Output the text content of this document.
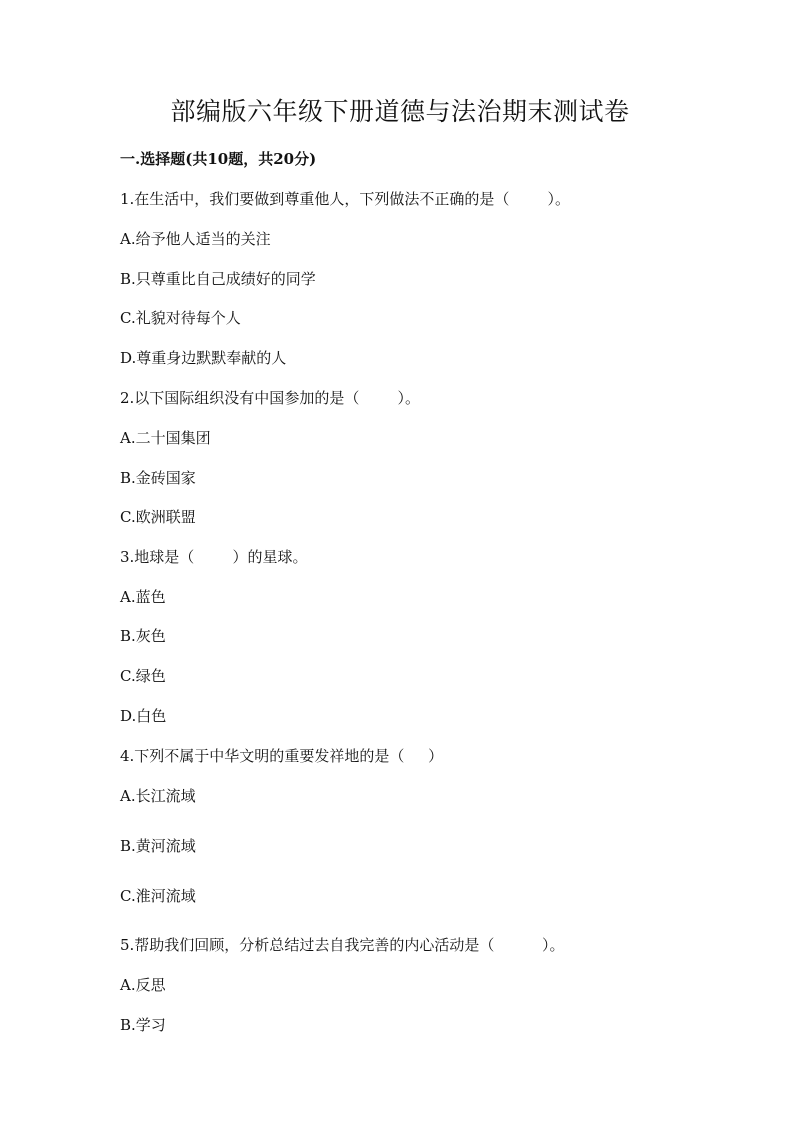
部编版六年级下册道德与法治期末测试卷
一.选择题(共10题，共20分)
1.在生活中，我们要做到尊重他人，下列做法不正确的是（        ）。
A.给予他人适当的关注
B.只尊重比自己成绩好的同学
C.礼貌对待每个人
D.尊重身边默默奉献的人
2.以下国际组织没有中国参加的是（        ）。
A.二十国集团
B.金砖国家
C.欧洲联盟
3.地球是（        ）的星球。
A.蓝色
B.灰色
C.绿色
D.白色
4.下列不属于中华文明的重要发祥地的是（     ）
A.长江流域
B.黄河流域
C.淮河流域
5.帮助我们回顾，分析总结过去自我完善的内心活动是（          ）。
A.反思
B.学习
